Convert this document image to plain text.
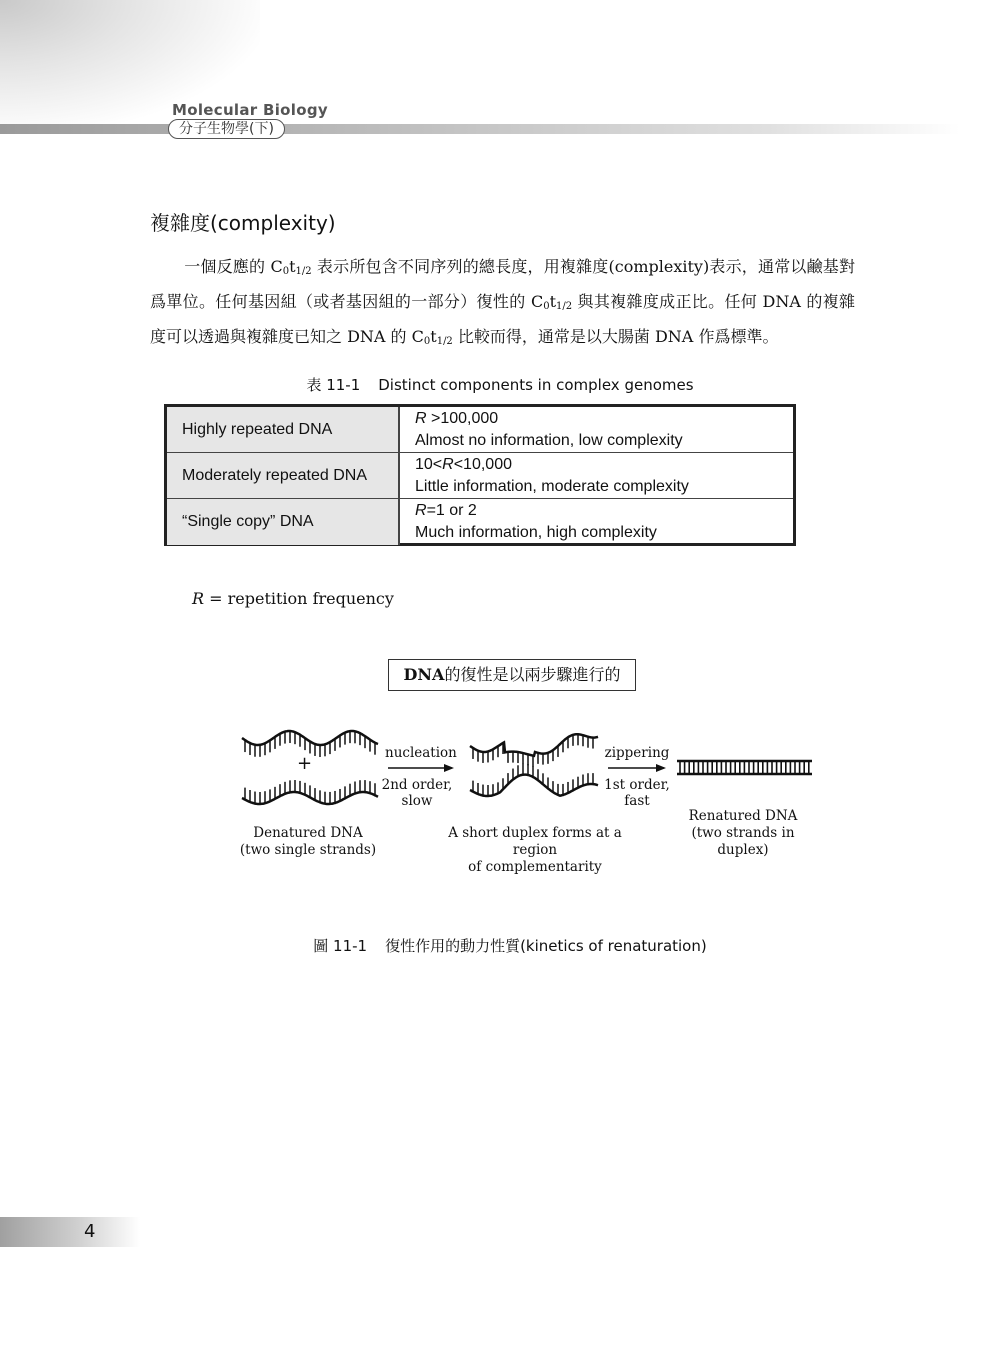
Molecular Biology
分子生物學(下)
複雜度(complexity)
一個反應的 $C_0t_{1/2}$ 表示所包含不同序列的總長度，用複雜度(complexity)表示，通常以鹼基對爲單位。任何基因組（或者基因組的一部分）復性的 $C_0t_{1/2}$ 與其複雜度成正比。任何 DNA 的複雜度可以透過與複雜度已知之 DNA 的 $C_0t_{1/2}$ 比較而得，通常是以大腸菌 DNA 作爲標準。
表 11-1 Distinct components in complex genomes
Highly repeated DNA
R >100,000
Almost no information, low complexity
Moderately repeated DNA
10<R<10,000
Little information, moderate complexity
“Single copy” DNA
R=1 or 2
Much information, high complexity
R = repetition frequency
DNA的復性是以兩步驟進行的
+	nucleation
2nd order,
slow
zippering
1st order,
fast
Denatured DNA
(two single strands)
A short duplex forms at a region
of complementarity
Renatured DNA
(two strands in duplex)
圖 11-1 復性作用的動力性質(kinetics of renaturation)
4
